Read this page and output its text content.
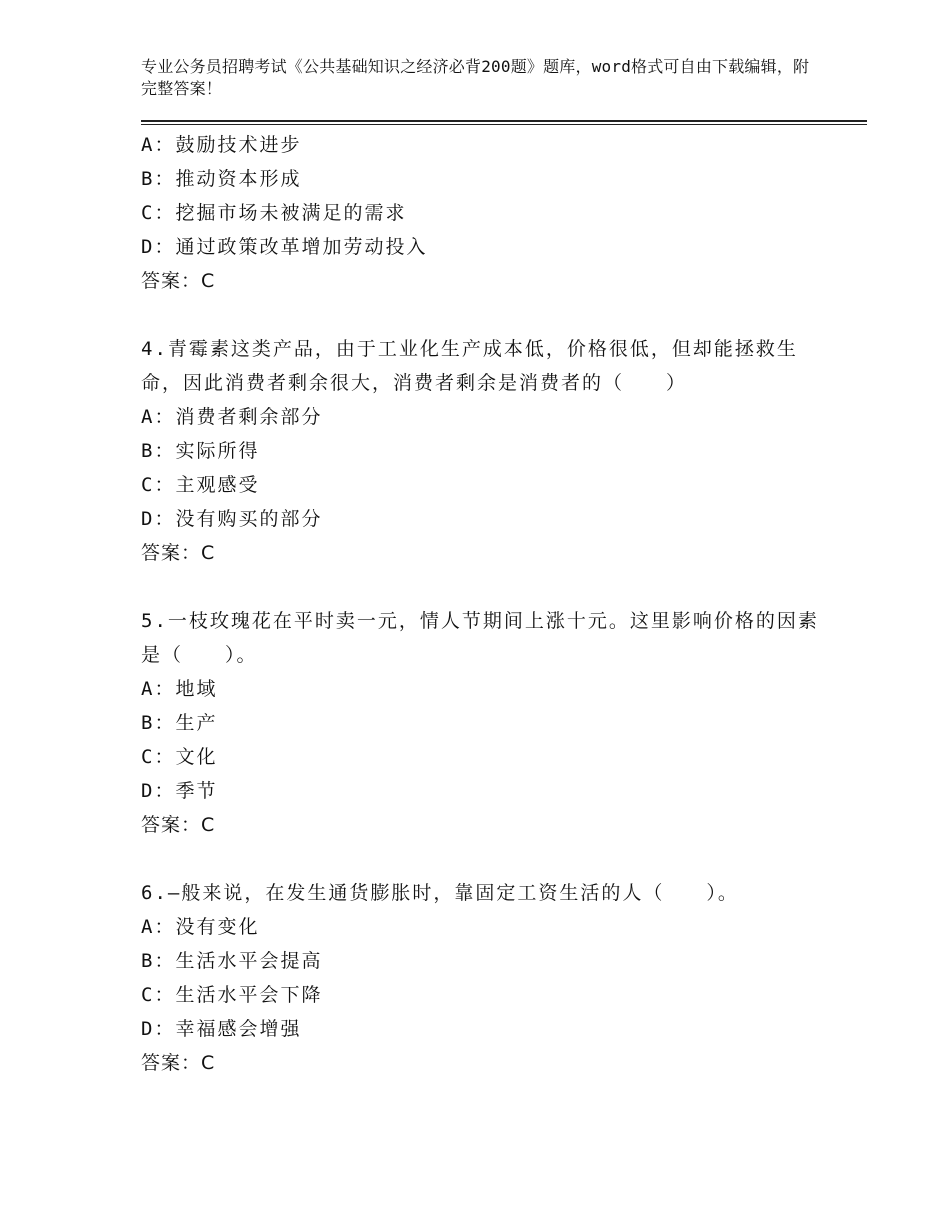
专业公务员招聘考试《公共基础知识之经济必背200题》题库，word格式可自由下载编辑，附完整答案！
A：鼓励技术进步
B：推动资本形成
C：挖掘市场未被满足的需求
D：通过政策改革增加劳动投入
答案：C
4.青霉素这类产品，由于工业化生产成本低，价格很低，但却能拯救生命，因此消费者剩余很大，消费者剩余是消费者的（　　）
A：消费者剩余部分
B：实际所得
C：主观感受
D：没有购买的部分
答案：C
5.一枝玫瑰花在平时卖一元，情人节期间上涨十元。这里影响价格的因素是（　　）。
A：地域
B：生产
C：文化
D：季节
答案：C
6.—般来说，在发生通货膨胀时，靠固定工资生活的人（　　）。
A：没有变化
B：生活水平会提高
C：生活水平会下降
D：幸福感会增强
答案：C
